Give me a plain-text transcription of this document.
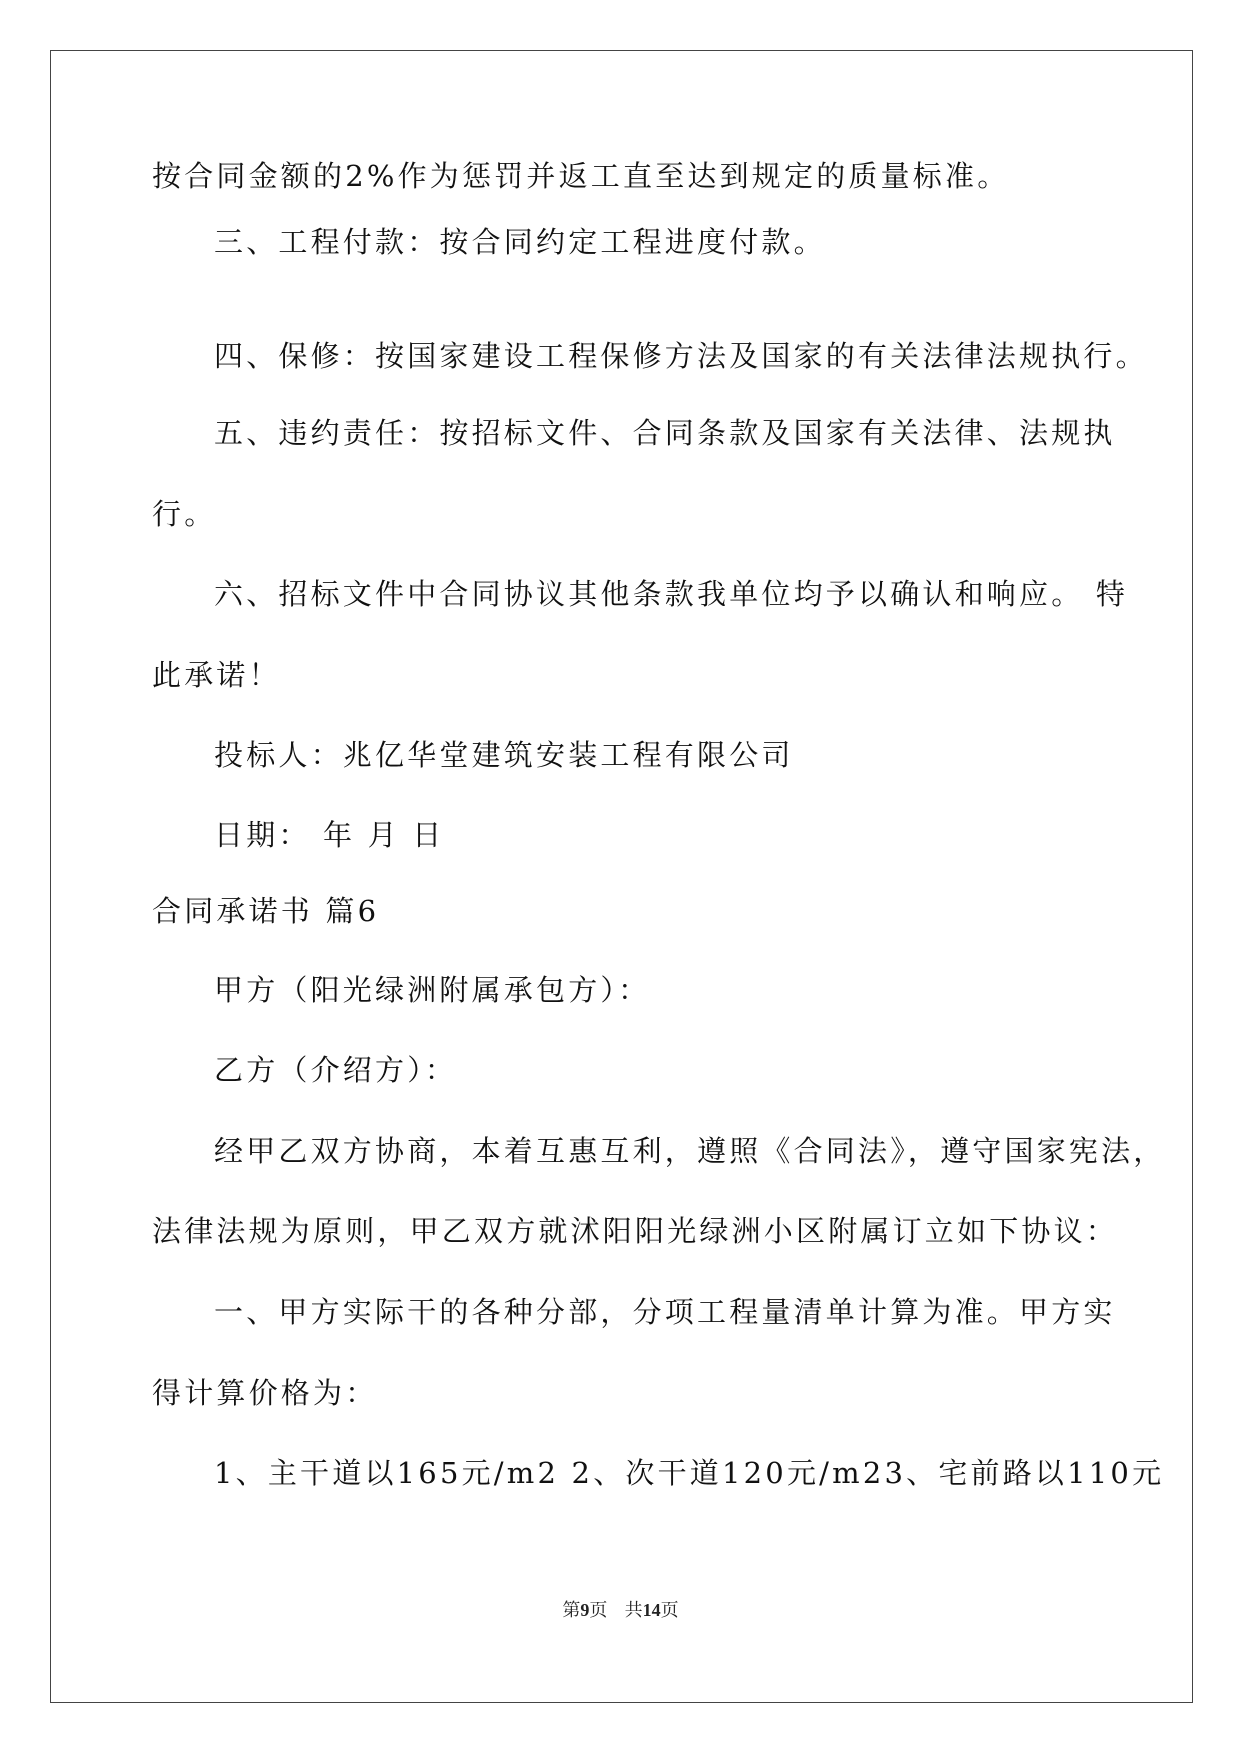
按合同金额的2%作为惩罚并返工直至达到规定的质量标准。
三、工程付款：按合同约定工程进度付款。
四、保修：按国家建设工程保修方法及国家的有关法律法规执行。
五、违约责任：按招标文件、合同条款及国家有关法律、法规执
行。
六、招标文件中合同协议其他条款我单位均予以确认和响应。 特
此承诺！
投标人：兆亿华堂建筑安装工程有限公司
日期： 年 月 日
合同承诺书 篇6
甲方（阳光绿洲附属承包方）：
乙方（介绍方）：
经甲乙双方协商，本着互惠互利，遵照《合同法》，遵守国家宪法，
法律法规为原则，甲乙双方就沭阳阳光绿洲小区附属订立如下协议：
一、甲方实际干的各种分部，分项工程量清单计算为准。甲方实
得计算价格为：
1、主干道以165元/m2 2、次干道120元/m23、宅前路以110元
第9页   共14页
